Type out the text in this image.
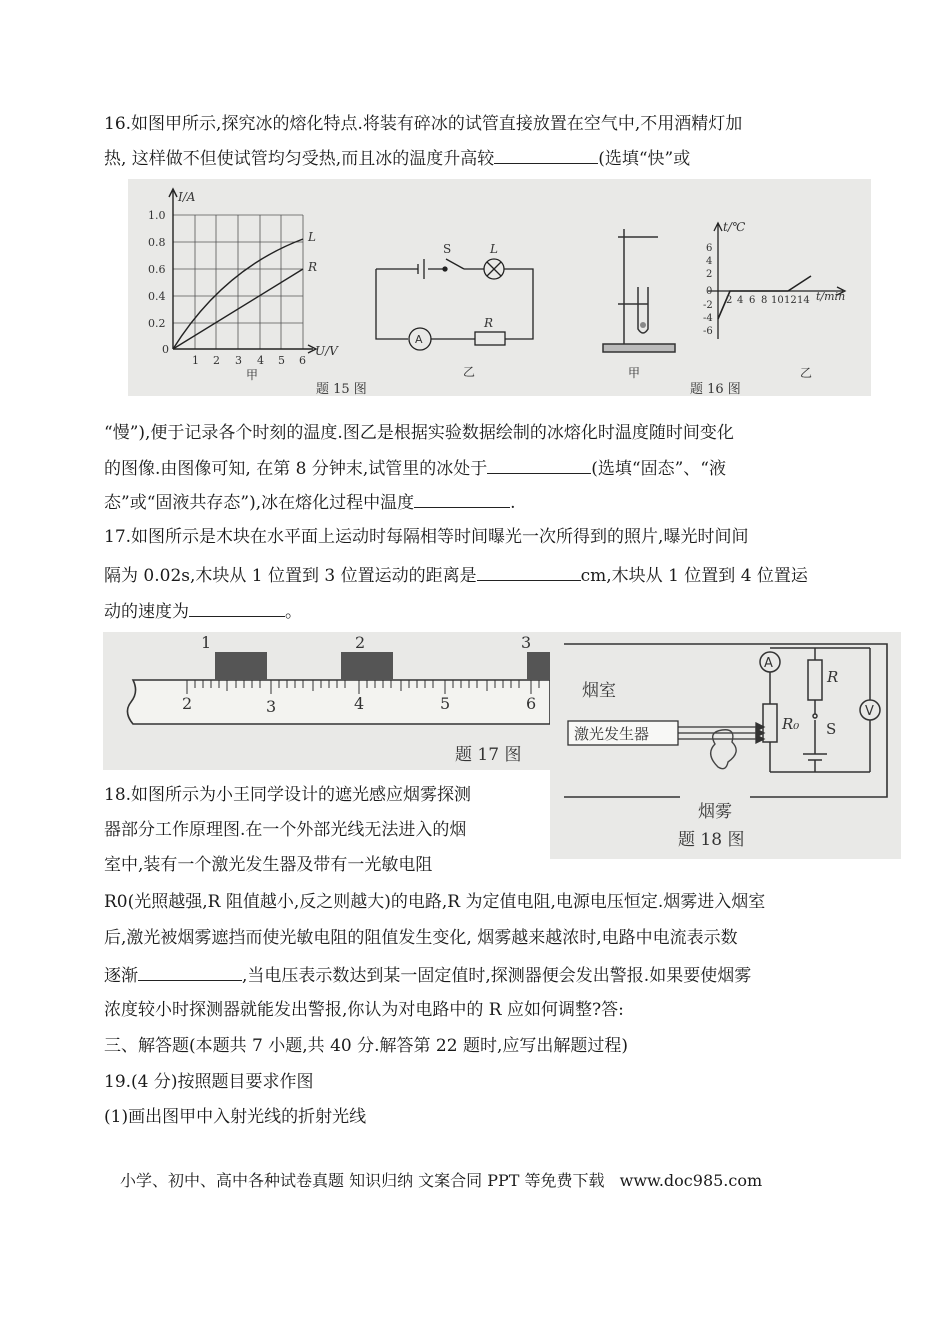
16.如图甲所示,探究冰的熔化特点.将装有碎冰的试管直接放置在空气中,不用酒精灯加
热, 这样做不但使试管均匀受热,而且冰的温度升高较	(选填“快”或
I/A
U/V
1.0
0.8
0.6
0.4
0.2
0
1 2 3 4 5 6
L
R
甲
A
R
S	L
乙
题 15 图
甲
t/℃
t/min
6
4
2
0
-2
-4
-6
2 4 6 8 10 12 14
乙
题 16 图
“慢”),便于记录各个时刻的温度.图乙是根据实验数据绘制的冰熔化时温度随时间变化
的图像.由图像可知, 在第 8 分钟末,试管里的冰处于	(选填“固态”、“液
态”或“固液共存态”),冰在熔化过程中温度	.
17.如图所示是木块在水平面上运动时每隔相等时间曝光一次所得到的照片,曝光时间间
隔为 0.02s,木块从 1 位置到 3 位置运动的距离是	cm,木块从 1 位置到 4 位置运
动的速度为	。
1	2	3
2	3	4	5	6
题 17 图
烟室
激光发生器
A
R
R₀ S
V
烟雾
题 18 图
18.如图所示为小王同学设计的遮光感应烟雾探测
器部分工作原理图.在一个外部光线无法进入的烟
室中,装有一个激光发生器及带有一光敏电阻
R0(光照越强,R 阻值越小,反之则越大)的电路,R 为定值电阻,电源电压恒定.烟雾进入烟室
后,激光被烟雾遮挡而使光敏电阻的阻值发生变化, 烟雾越来越浓时,电路中电流表示数
逐渐	,当电压表示数达到某一固定值时,探测器便会发出警报.如果要使烟雾
浓度较小时探测器就能发出警报,你认为对电路中的 R 应如何调整?答:
三、解答题(本题共 7 小题,共 40 分.解答第 22 题时,应写出解题过程)
19.(4 分)按照题目要求作图
(1)画出图甲中入射光线的折射光线
小学、初中、高中各种试卷真题 知识归纳 文案合同 PPT 等免费下载 www.doc985.com
